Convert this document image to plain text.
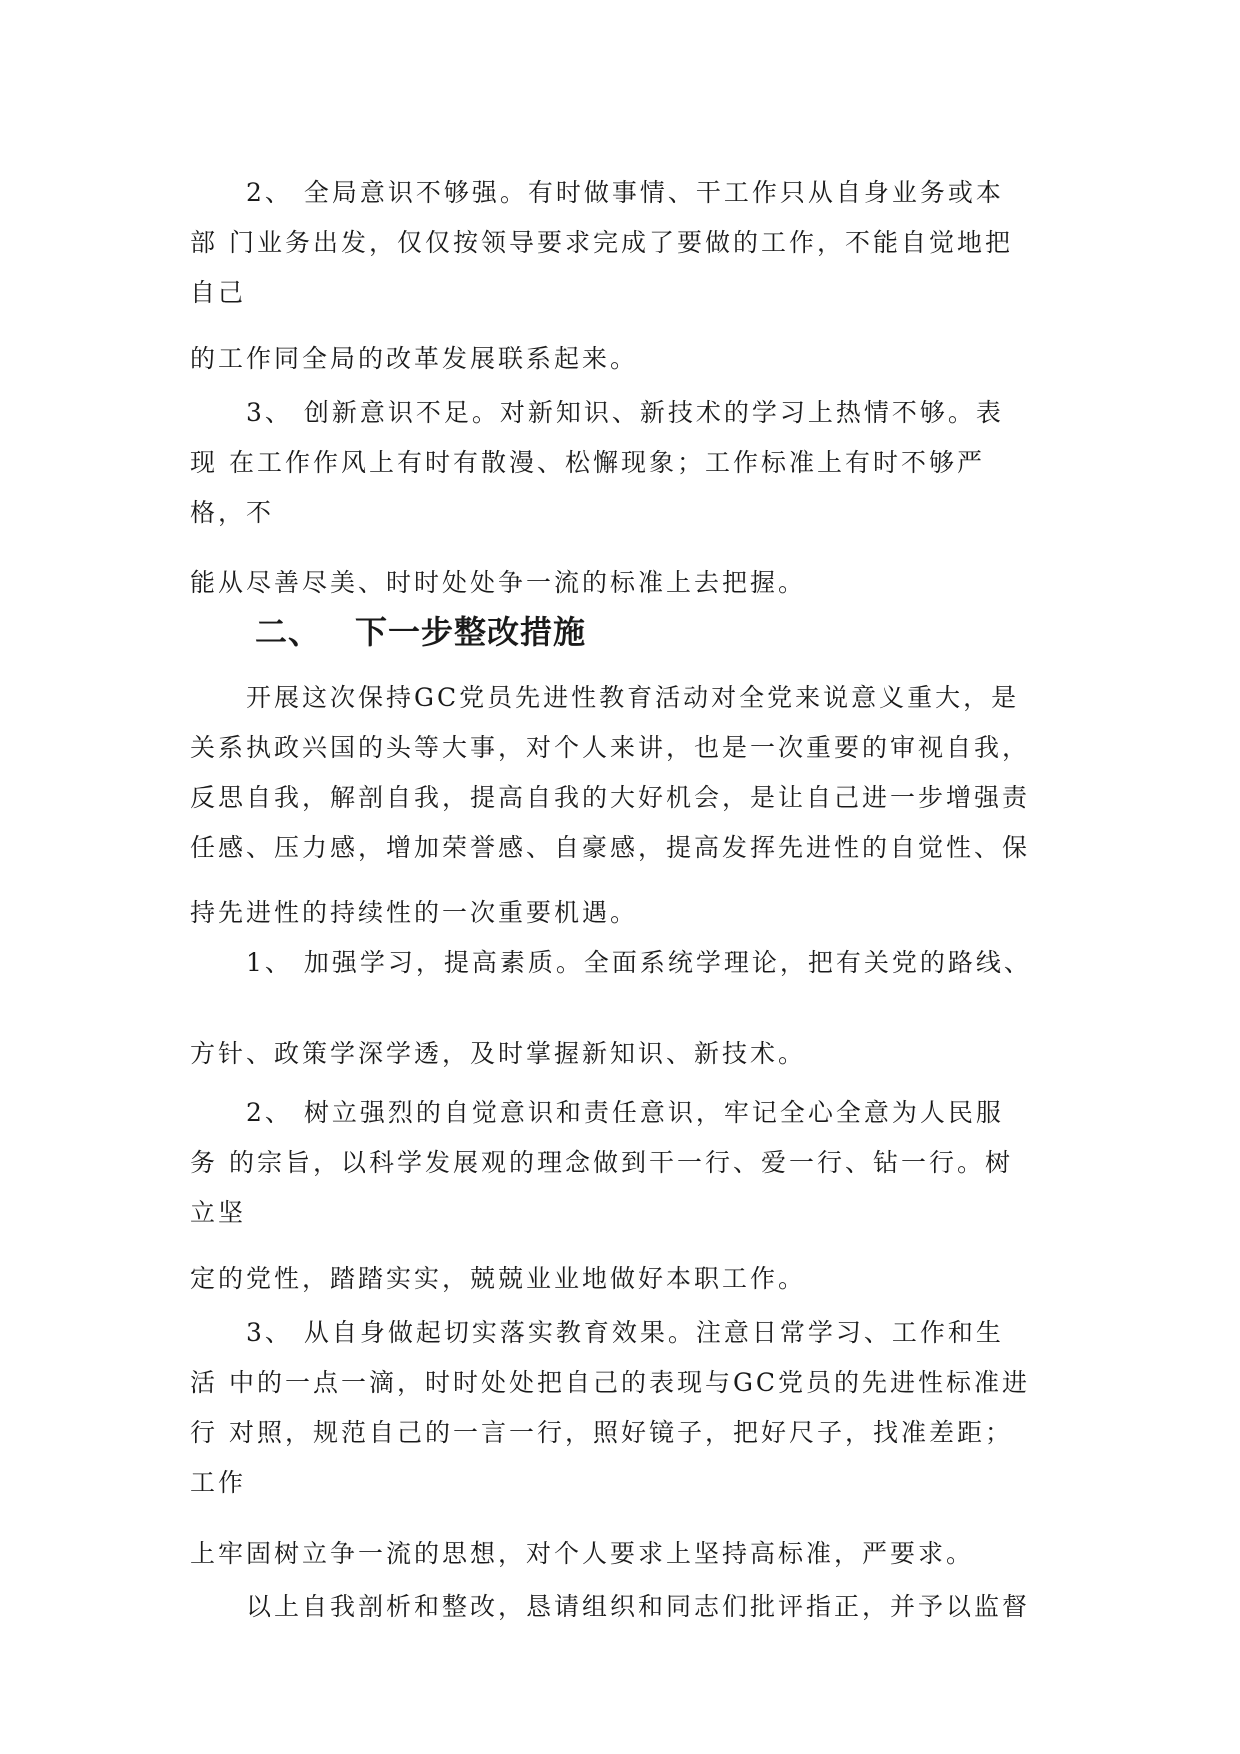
　　2、 全局意识不够强。有时做事情、干工作只从自身业务或本
部 门业务出发，仅仅按领导要求完成了要做的工作，不能自觉地把
自己
的工作同全局的改革发展联系起来。
　　3、 创新意识不足。对新知识、新技术的学习上热情不够。表
现 在工作作风上有时有散漫、松懈现象；工作标准上有时不够严
格，不
能从尽善尽美、时时处处争一流的标准上去把握。
二、 下一步整改措施
　　开展这次保持GC党员先进性教育活动对全党来说意义重大，是
关系执政兴国的头等大事，对个人来讲，也是一次重要的审视自我，
反思自我，解剖自我，提高自我的大好机会，是让自己进一步增强责
任感、压力感，增加荣誉感、自豪感，提高发挥先进性的自觉性、保
持先进性的持续性的一次重要机遇。
　　1、 加强学习，提高素质。全面系统学理论，把有关党的路线、
方针、政策学深学透，及时掌握新知识、新技术。
　　2、 树立强烈的自觉意识和责任意识，牢记全心全意为人民服
务 的宗旨，以科学发展观的理念做到干一行、爱一行、钻一行。树
立坚
定的党性，踏踏实实，兢兢业业地做好本职工作。
　　3、 从自身做起切实落实教育效果。注意日常学习、工作和生
活 中的一点一滴，时时处处把自己的表现与GC党员的先进性标准进
行 对照，规范自己的一言一行，照好镜子，把好尺子，找准差距；
工作
上牢固树立争一流的思想，对个人要求上坚持高标准，严要求。
　　以上自我剖析和整改，恳请组织和同志们批评指正，并予以监督
